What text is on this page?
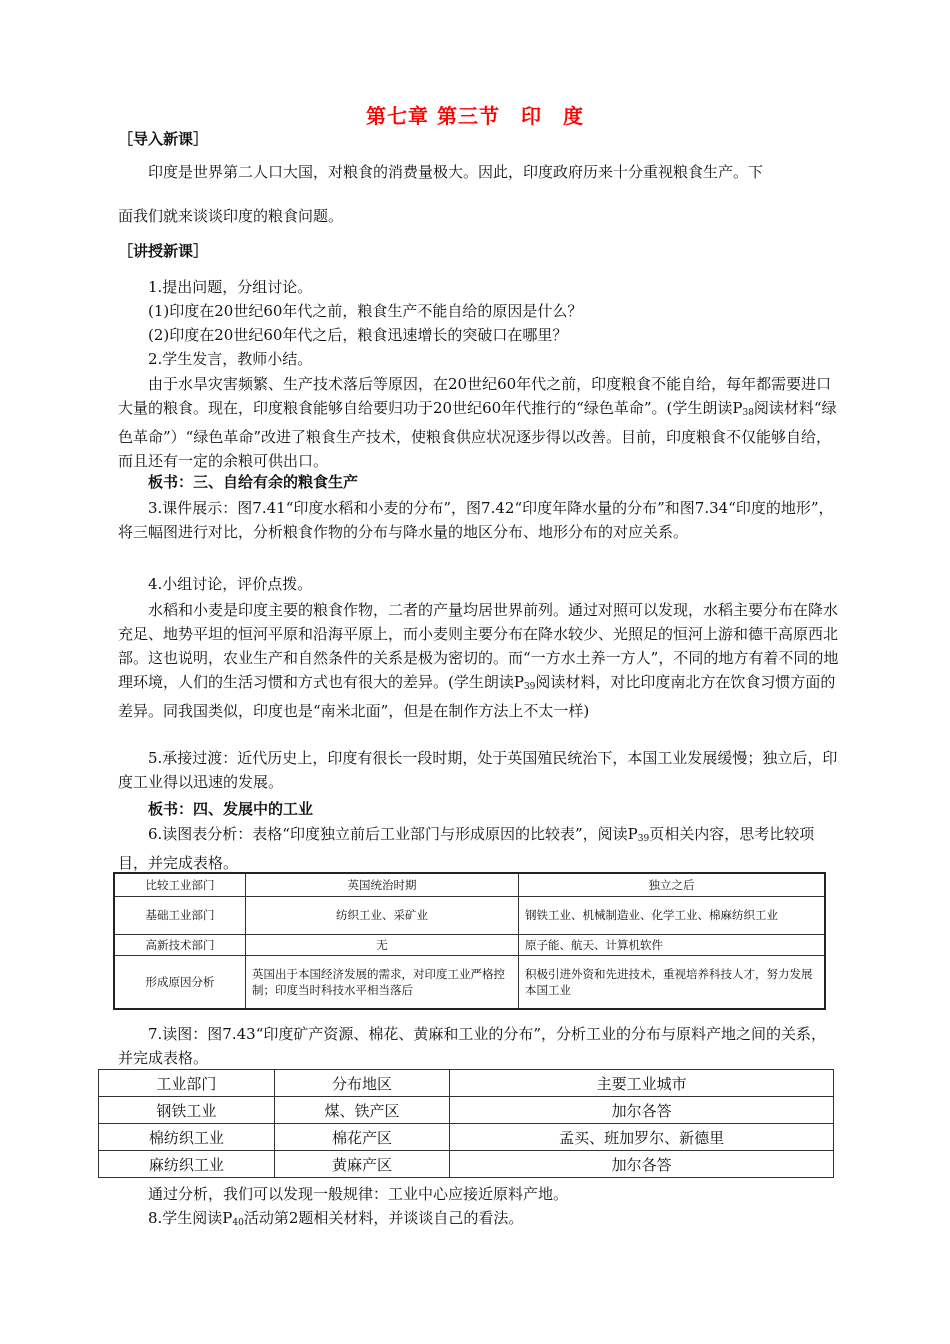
第七章 第三节　印　度
［导入新课］

印度是世界第二人口大国，对粮食的消费量极大。因此，印度政府历来十分重视粮食生产。下

面我们就来谈谈印度的粮食问题。

［讲授新课］

1.提出问题，分组讨论。

(1)印度在20世纪60年代之前，粮食生产不能自给的原因是什么？

(2)印度在20世纪60年代之后，粮食迅速增长的突破口在哪里？

2.学生发言，教师小结。

由于水旱灾害频繁、生产技术落后等原因，在20世纪60年代之前，印度粮食不能自给，每年都需要进口大量的粮食。现在，印度粮食能够自给要归功于20世纪60年代推行的“绿色革命”。(学生朗读$P_{38}$阅读材料“绿色革命”）“绿色革命”改进了粮食生产技术，使粮食供应状况逐步得以改善。目前，印度粮食不仅能够自给，而且还有一定的余粮可供出口。

板书：三、自给有余的粮食生产

3.课件展示：图7.41“印度水稻和小麦的分布”，图7.42“印度年降水量的分布”和图7.34“印度的地形”，将三幅图进行对比，分析粮食作物的分布与降水量的地区分布、地形分布的对应关系。

4.小组讨论，评价点拨。

水稻和小麦是印度主要的粮食作物，二者的产量均居世界前列。通过对照可以发现，水稻主要分布在降水充足、地势平坦的恒河平原和沿海平原上，而小麦则主要分布在降水较少、光照足的恒河上游和德干高原西北部。这也说明，农业生产和自然条件的关系是极为密切的。而“一方水土养一方人”，不同的地方有着不同的地理环境，人们的生活习惯和方式也有很大的差异。(学生朗读$P_{39}$阅读材料，对比印度南北方在饮食习惯方面的差异。同我国类似，印度也是“南米北面”，但是在制作方法上不太一样)

5.承接过渡：近代历史上，印度有很长一段时期，处于英国殖民统治下，本国工业发展缓慢；独立后，印度工业得以迅速的发展。

板书：四、发展中的工业

6.读图表分析：表格“印度独立前后工业部门与形成原因的比较表”，阅读$P_{39}$页相关内容，思考比较项目，并完成表格。

比较工业部门	英国统治时期	独立之后
基础工业部门	纺织工业、采矿业	钢铁工业、机械制造业、化学工业、棉麻纺织工业
高新技术部门	无	原子能、航天、计算机软件
形成原因分析	英国出于本国经济发展的需求，对印度工业严格控制；印度当时科技水平相当落后	积极引进外资和先进技术，重视培养科技人才，努力发展本国工业

7.读图：图7.43“印度矿产资源、棉花、黄麻和工业的分布”，分析工业的分布与原料产地之间的关系，并完成表格。

工业部门	分布地区	主要工业城市
钢铁工业	煤、铁产区	加尔各答
棉纺织工业	棉花产区	孟买、班加罗尔、新德里
麻纺织工业	黄麻产区	加尔各答

通过分析，我们可以发现一般规律：工业中心应接近原料产地。

8.学生阅读$P_{40}$活动第2题相关材料，并谈谈自己的看法。
